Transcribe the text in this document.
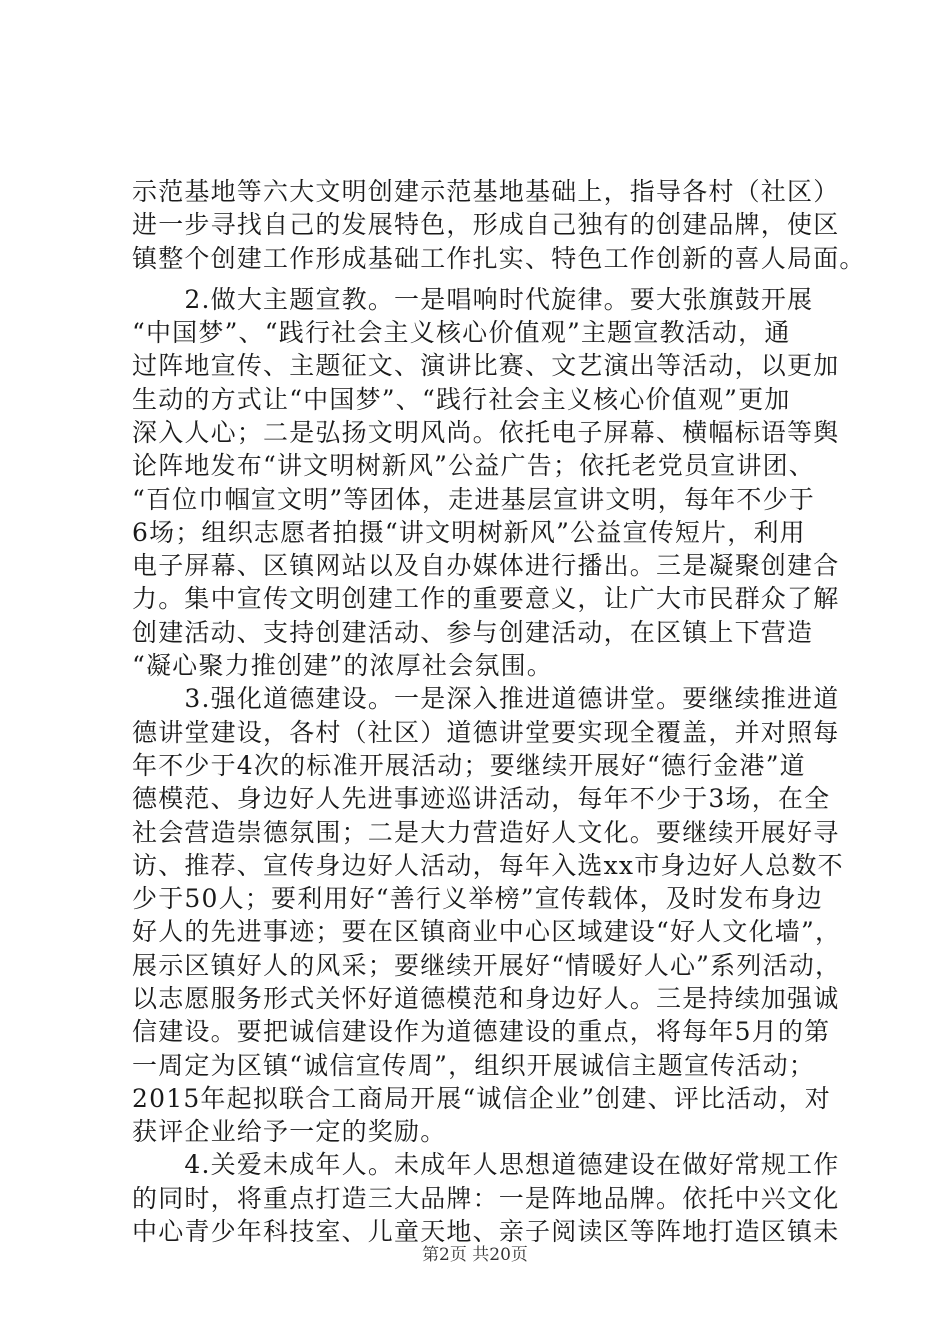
示范基地等六大文明创建示范基地基础上，指导各村（社区）
进一步寻找自己的发展特色，形成自己独有的创建品牌，使区
镇整个创建工作形成基础工作扎实、特色工作创新的喜人局面。
　　2.做大主题宣教。一是唱响时代旋律。要大张旗鼓开展
“中国梦”、“践行社会主义核心价值观”主题宣教活动，通
过阵地宣传、主题征文、演讲比赛、文艺演出等活动，以更加
生动的方式让“中国梦”、“践行社会主义核心价值观”更加
深入人心；二是弘扬文明风尚。依托电子屏幕、横幅标语等舆
论阵地发布“讲文明树新风”公益广告；依托老党员宣讲团、
“百位巾帼宣文明”等团体，走进基层宣讲文明，每年不少于
6场；组织志愿者拍摄“讲文明树新风”公益宣传短片，利用
电子屏幕、区镇网站以及自办媒体进行播出。三是凝聚创建合
力。集中宣传文明创建工作的重要意义，让广大市民群众了解
创建活动、支持创建活动、参与创建活动，在区镇上下营造
“凝心聚力推创建”的浓厚社会氛围。
　　3.强化道德建设。一是深入推进道德讲堂。要继续推进道
德讲堂建设，各村（社区）道德讲堂要实现全覆盖，并对照每
年不少于4次的标准开展活动；要继续开展好“德行金港”道
德模范、身边好人先进事迹巡讲活动，每年不少于3场，在全
社会营造崇德氛围；二是大力营造好人文化。要继续开展好寻
访、推荐、宣传身边好人活动，每年入选xx市身边好人总数不
少于50人；要利用好“善行义举榜”宣传载体，及时发布身边
好人的先进事迹；要在区镇商业中心区域建设“好人文化墙”，
展示区镇好人的风采；要继续开展好“情暖好人心”系列活动，
以志愿服务形式关怀好道德模范和身边好人。三是持续加强诚
信建设。要把诚信建设作为道德建设的重点，将每年5月的第
一周定为区镇“诚信宣传周”，组织开展诚信主题宣传活动；
2015年起拟联合工商局开展“诚信企业”创建、评比活动，对
获评企业给予一定的奖励。
　　4.关爱未成年人。未成年人思想道德建设在做好常规工作
的同时，将重点打造三大品牌：一是阵地品牌。依托中兴文化
中心青少年科技室、儿童天地、亲子阅读区等阵地打造区镇未
第2页 共20页
